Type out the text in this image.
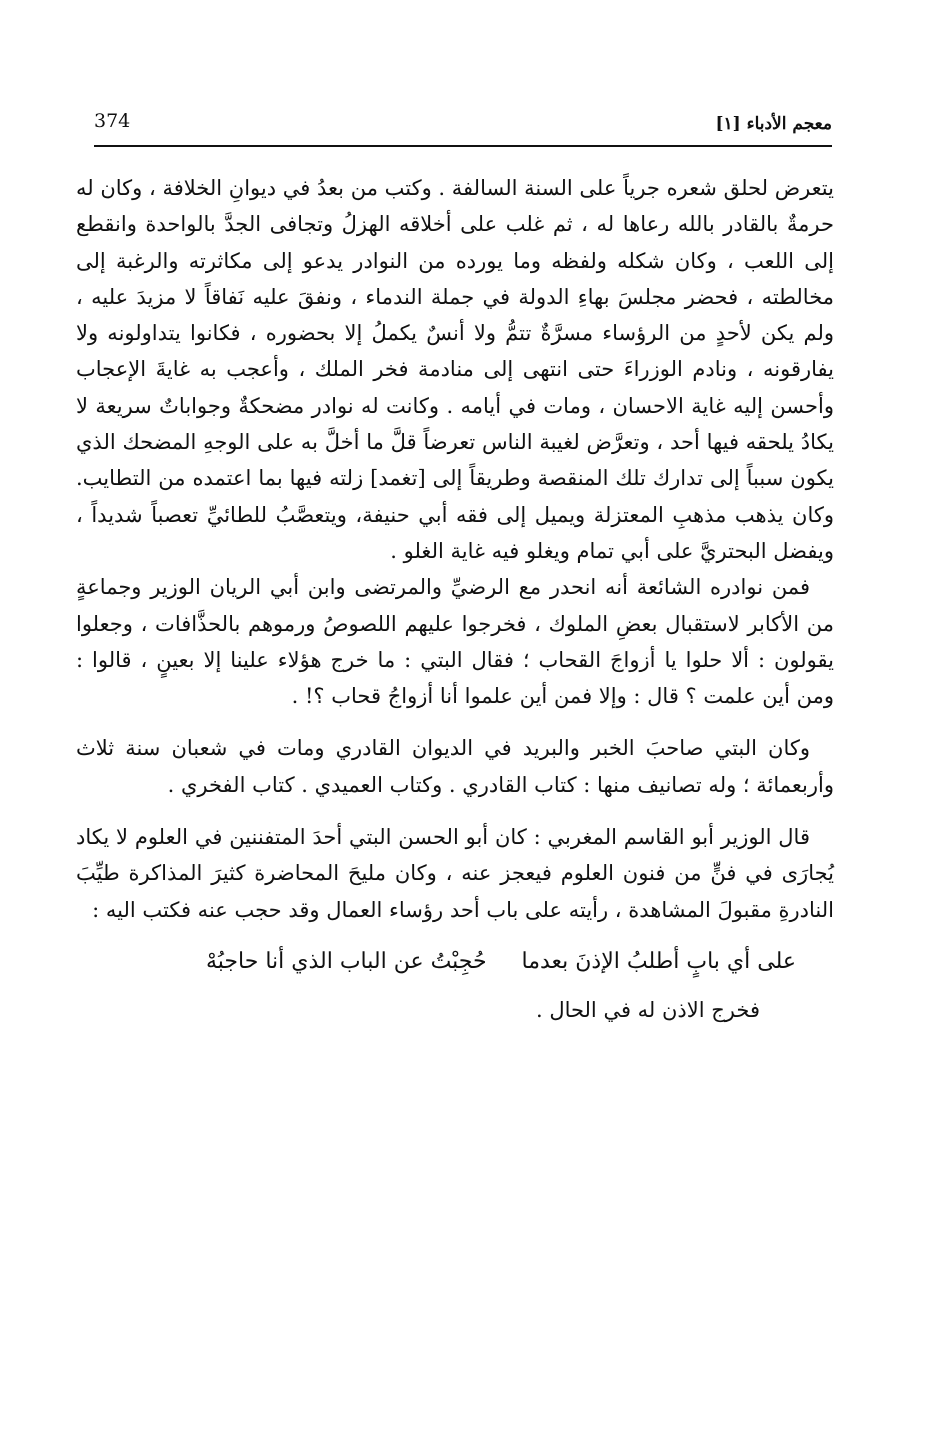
معجم الأدباء [١]
374

يتعرض لحلق شعره جرياً على السنة السالفة . وكتب من بعدُ في ديوانِ الخلافة ، وكان له حرمةٌ بالقادر بالله رعاها له ، ثم غلب على أخلاقه الهزلُ وتجافى الجدَّ بالواحدة وانقطع إلى اللعب ، وكان شكله ولفظه وما يورده من النوادر يدعو إلى مكاثرته والرغبة إلى مخالطته ، فحضر مجلسَ بهاءِ الدولة في جملة الندماء ، ونفقَ عليه نَفاقاً لا مزيدَ عليه ، ولم يكن لأحدٍ من الرؤساء مسرَّةٌ تتمُّ ولا أنسٌ يكملُ إلا بحضوره ، فكانوا يتداولونه ولا يفارقونه ، ونادم الوزراءَ حتى انتهى إلى منادمة فخر الملك ، وأعجب به غايةَ الإعجاب وأحسن إليه غاية الاحسان ، ومات في أيامه . وكانت له نوادر مضحكةٌ وجواباتٌ سريعة لا يكادُ يلحقه فيها أحد ، وتعرَّض لغيبة الناس تعرضاً قلَّ ما أخلَّ به على الوجهِ المضحك الذي يكون سبباً إلى تدارك تلك المنقصة وطريقاً إلى [تغمد] زلته فيها بما اعتمده من التطايب. وكان يذهب مذهبِ المعتزلة ويميل إلى فقه أبي حنيفة، ويتعصَّبُ للطائيِّ تعصباً شديداً ، ويفضل البحتريَّ على أبي تمام ويغلو فيه غاية الغلو .

فمن نوادره الشائعة أنه انحدر مع الرضيِّ والمرتضى وابن أبي الريان الوزير وجماعةٍ من الأكابر لاستقبال بعضِ الملوك ، فخرجوا عليهم اللصوصُ ورموهم بالحذَّافات ، وجعلوا يقولون : ألا حلوا يا أزواجَ القحاب ؛ فقال البتي : ما خرج هؤلاء علينا إلا بعينٍ ، قالوا : ومن أين علمت ؟ قال : وإلا فمن أين علموا أنا أزواجُ قحاب ؟! .

وكان البتي صاحبَ الخبر والبريد في الديوان القادري ومات في شعبان سنة ثلاث وأربعمائة ؛ وله تصانيف منها : كتاب القادري . وكتاب العميدي . كتاب الفخري .

قال الوزير أبو القاسم المغربي : كان أبو الحسن البتي أحدَ المتفننين في العلوم لا يكاد يُجارَى في فنٍّ من فنون العلوم فيعجز عنه ، وكان مليحَ المحاضرة كثيرَ المذاكرة طيِّبَ النادرةِ مقبولَ المشاهدة ، رأيته على باب أحد رؤساء العمال وقد حجب عنه فكتب اليه :

على أي بابٍ أطلبُ الإذنَ بعدما
حُجِبْتُ عن الباب الذي أنا حاجبُهْ

فخرج الاذن له في الحال .
